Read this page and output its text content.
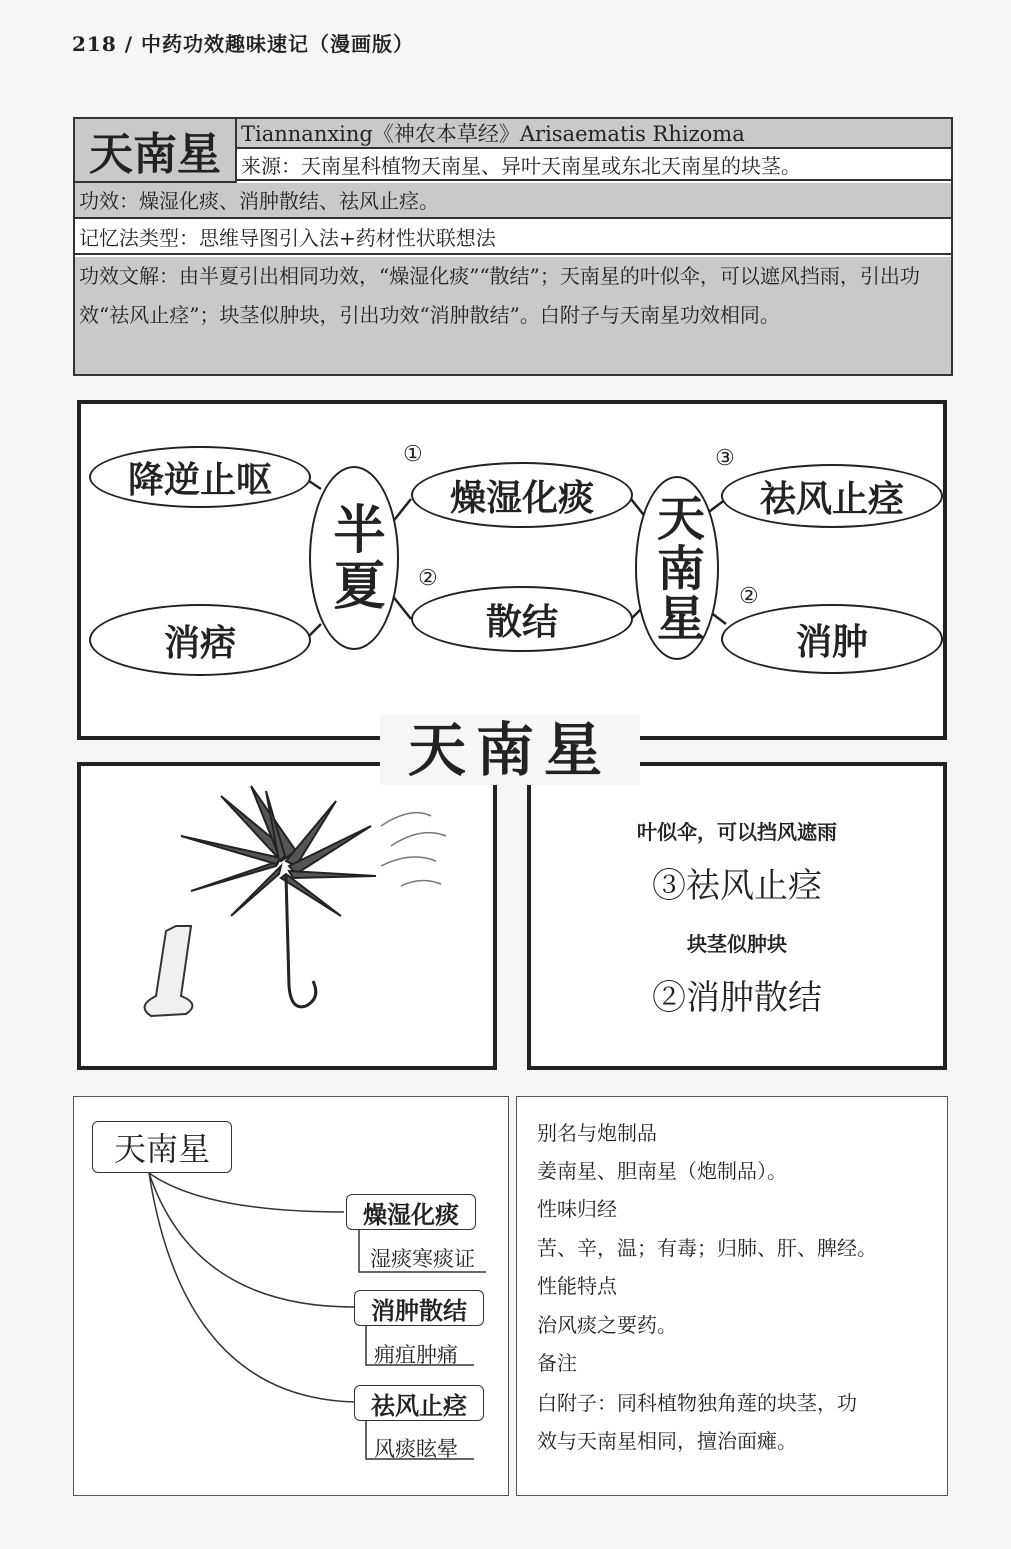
218 / 中药功效趣味速记（漫画版）
天南星 Tiannanxing《神农本草经》Arisaematis Rhizoma
来源：天南星科植物天南星、异叶天南星或东北天南星的块茎。
功效：燥湿化痰、消肿散结、祛风止痉。
记忆法类型：思维导图引入法+药材性状联想法
功效文解：由半夏引出相同功效，“燥湿化痰”“散结”；天南星的叶似伞，可以遮风挡雨，引出功效“祛风止痉”；块茎似肿块，引出功效“消肿散结”。白附子与天南星功效相同。
降逆止呕
消痞
半夏
燥湿化痰
散结	天南星	祛风止痉
消肿
①
②
③
②
叶似伞，可以挡风遮雨
③祛风止痉
块茎似肿块
②消肿散结
天南星
天南星
燥湿化痰
湿痰寒痰证
消肿散结
痈疽肿痛
祛风止痉
风痰眩晕
别名与炮制品
姜南星、胆南星（炮制品）。
性味归经
苦、辛，温；有毒；归肺、肝、脾经。
性能特点
治风痰之要药。
备注
白附子：同科植物独角莲的块茎，功
效与天南星相同，擅治面瘫。
